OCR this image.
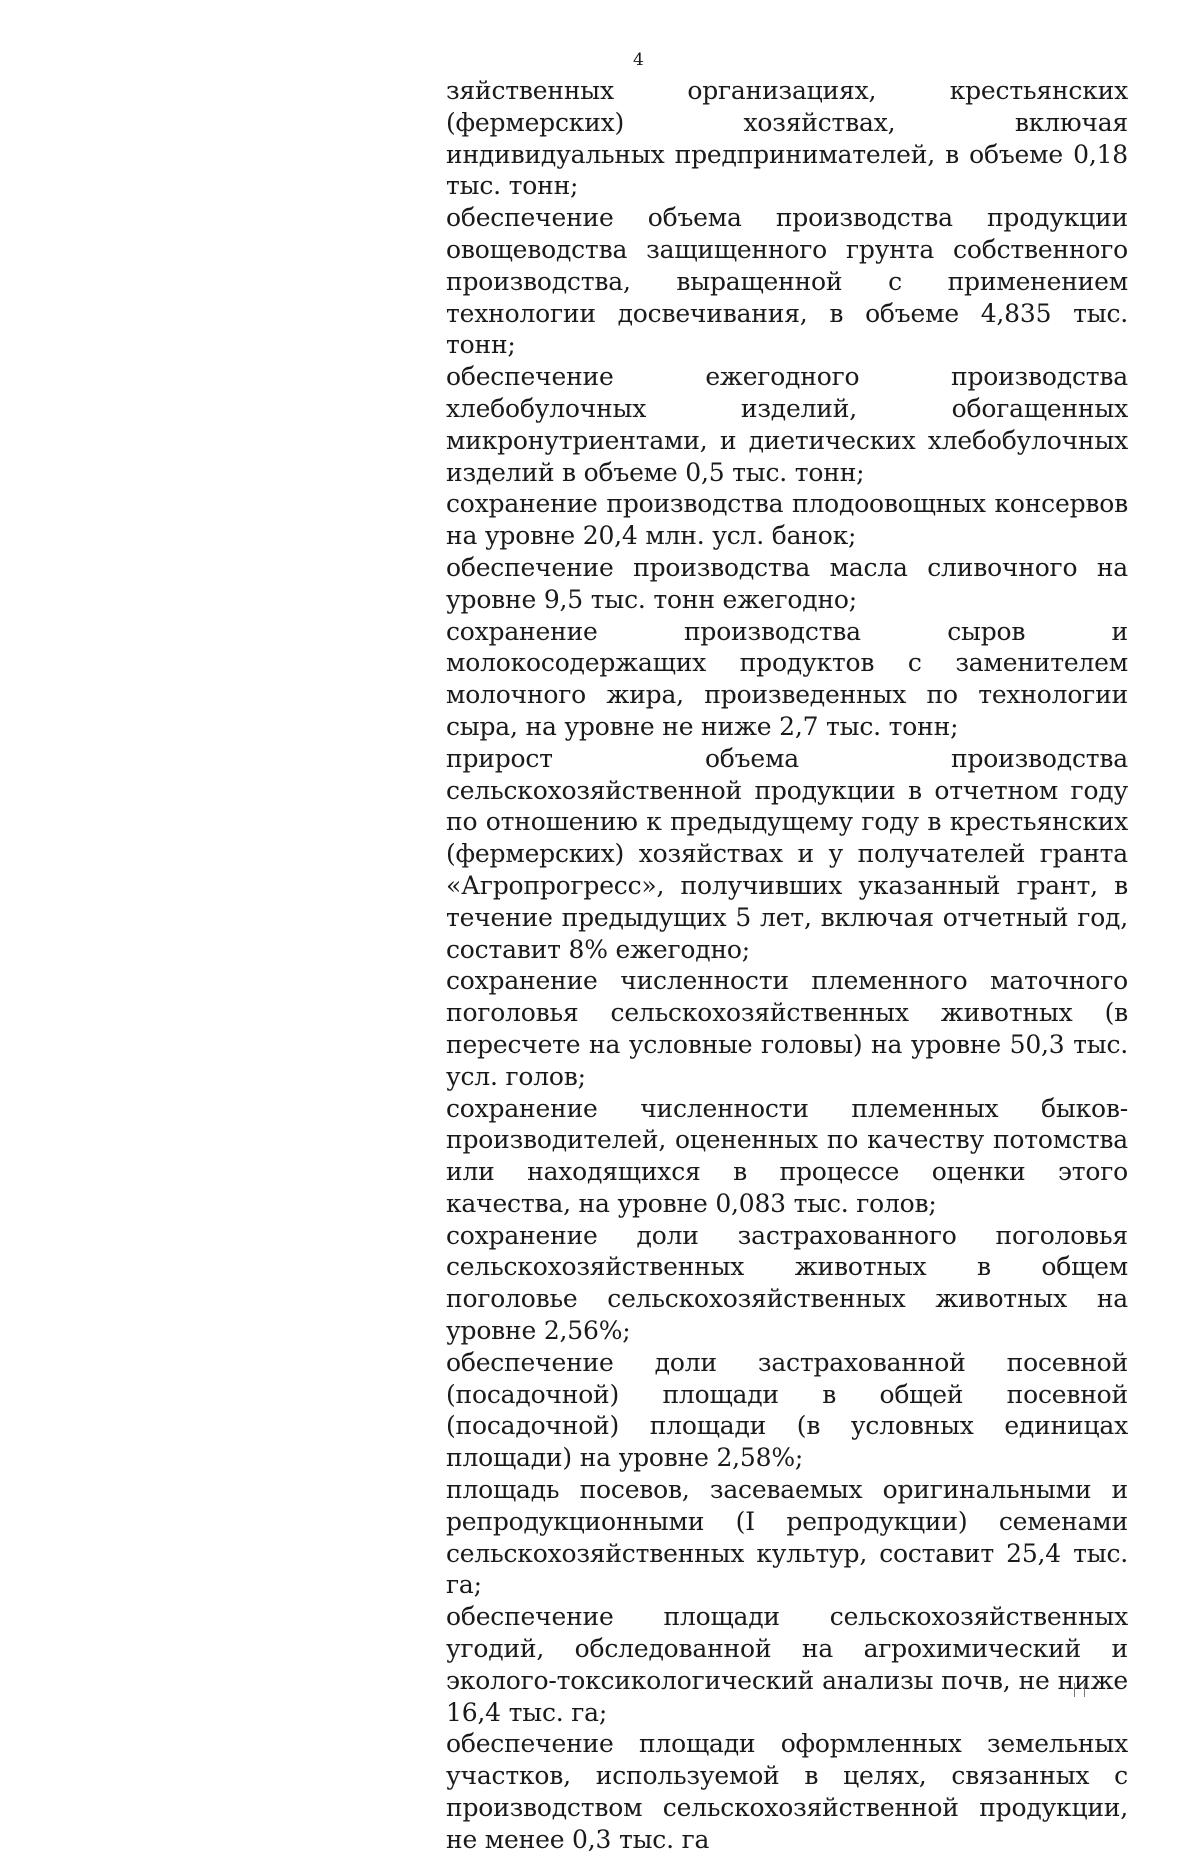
4

зяйственных организациях, крестьянских (фермерских) хозяйствах, включая индивидуальных предпринимателей, в объеме 0,18 тыс. тонн;

обеспечение объема производства продукции овощеводства защищенного грунта собственного производства, выращенной с применением технологии досвечивания, в объеме 4,835 тыс. тонн;

обеспечение ежегодного производства хлебобулочных изделий, обогащенных микронутриентами, и диетических хлебобулочных изделий в объеме 0,5 тыс. тонн;

сохранение производства плодоовощных консервов на уровне 20,4 млн. усл. банок;

обеспечение производства масла сливочного на уровне 9,5 тыс. тонн ежегодно;

сохранение производства сыров и молокосодержащих продуктов с заменителем молочного жира, произведенных по технологии сыра, на уровне не ниже 2,7 тыс. тонн;

прирост объема производства сельскохозяйственной продукции в отчетном году по отношению к предыдущему году в крестьянских (фермерских) хозяйствах и у получателей гранта «Агропрогресс», получивших указанный грант, в течение предыдущих 5 лет, включая отчетный год, составит 8% ежегодно;

сохранение численности племенного маточного поголовья сельскохозяйственных животных (в пересчете на условные головы) на уровне 50,3 тыс. усл. голов;

сохранение численности племенных быков-производителей, оцененных по качеству потомства или находящихся в процессе оценки этого качества, на уровне 0,083 тыс. голов;

сохранение доли застрахованного поголовья сельскохозяйственных животных в общем поголовье сельскохозяйственных животных на уровне 2,56%;

обеспечение доли застрахованной посевной (посадочной) площади в общей посевной (посадочной) площади (в условных единицах площади) на уровне 2,58%;

площадь посевов, засеваемых оригинальными и репродукционными (I репродукции) семенами сельскохозяйственных культур, составит 25,4 тыс. га;

обеспечение площади сельскохозяйственных угодий, обследованной на агрохимический и эколого-токсикологический анализы почв, не ниже 16,4 тыс. га;

обеспечение площади оформленных земельных участков, используемой в целях, связанных с производством сельскохозяйственной продукции, не менее 0,3 тыс. га
